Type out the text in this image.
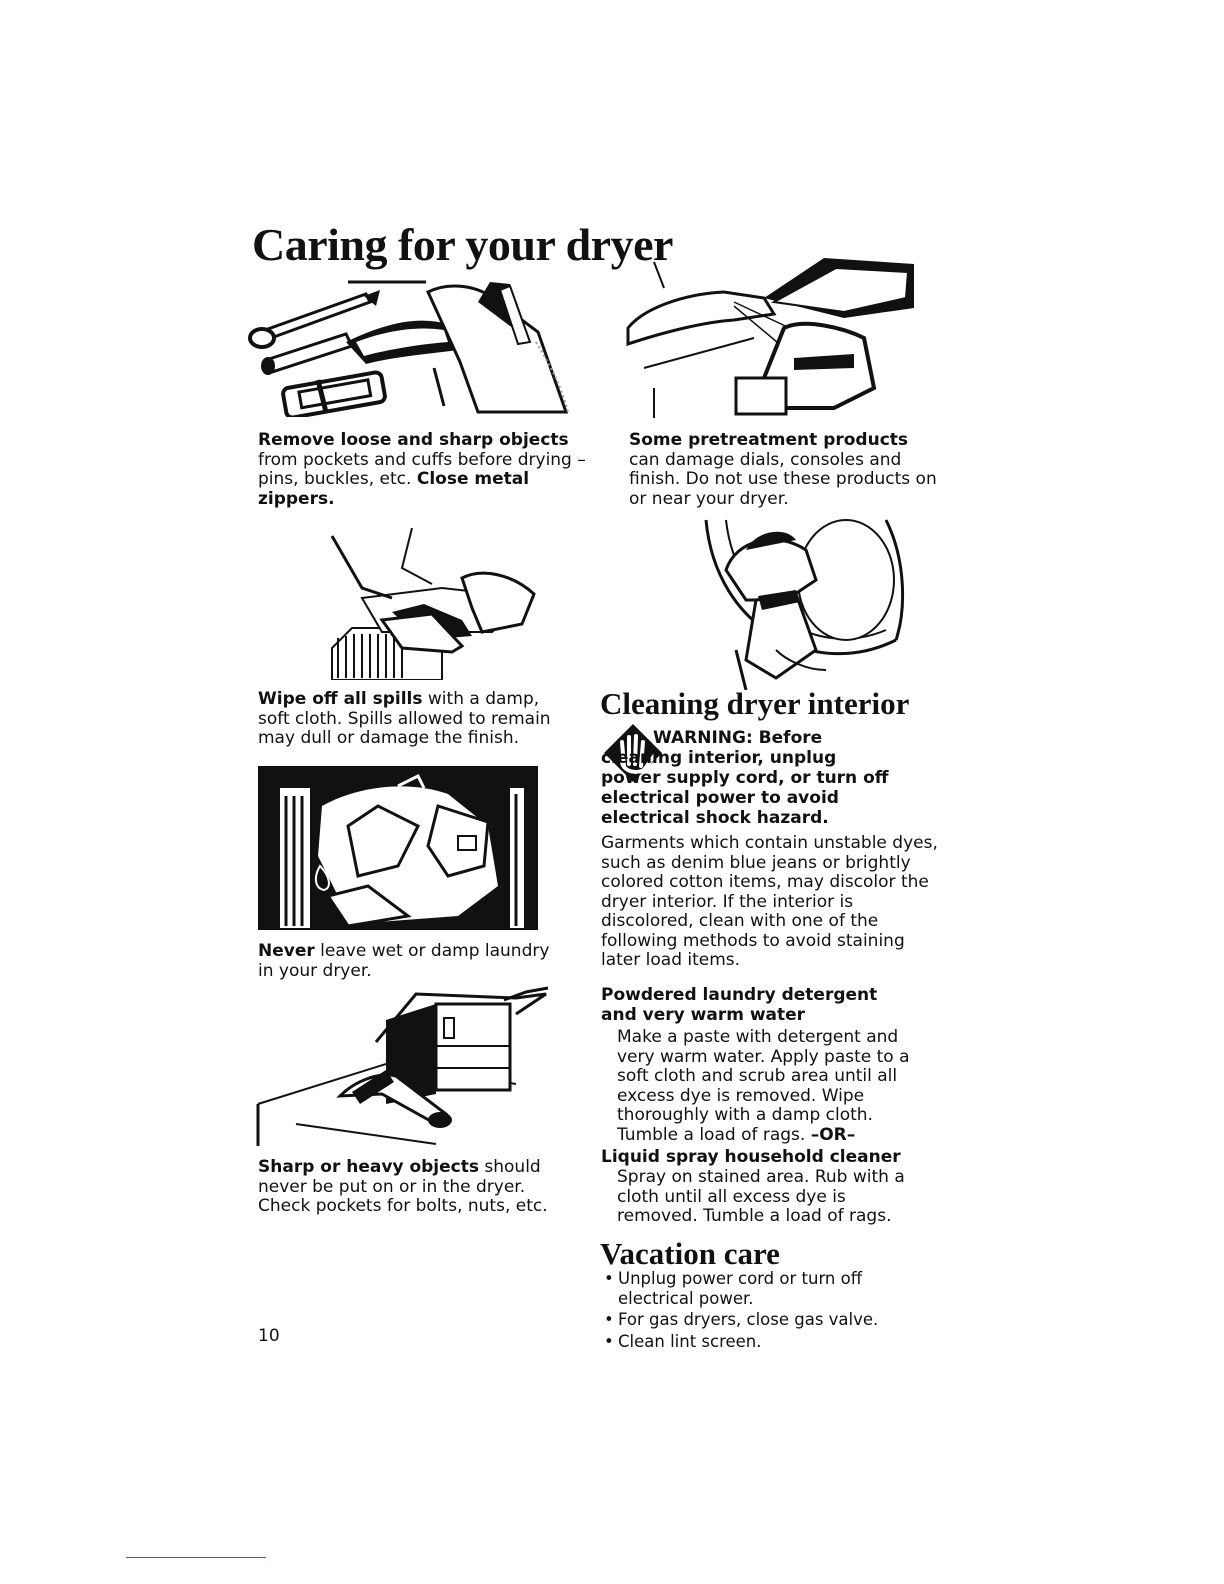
Caring for your dryer
Remove loose and sharp objects from pockets and cuffs before drying – pins, buckles, etc. Close metal zippers.
Wipe off all spills with a damp, soft cloth. Spills allowed to remain may dull or damage the finish.
Never leave wet or damp laundry in your dryer.
Sharp or heavy objects should never be put on or in the dryer. Check pockets for bolts, nuts, etc.
10
Some pretreatment products can damage dials, consoles and finish. Do not use these products on or near your dryer.
Cleaning dryer interior
WARNING: Before cleaning interior, unplug power supply cord, or turn off electrical power to avoid electrical shock hazard.
Garments which contain unstable dyes, such as denim blue jeans or brightly colored cotton items, may discolor the dryer interior. If the interior is discolored, clean with one of the following methods to avoid staining later load items.
Powdered laundry detergent and very warm water
Make a paste with detergent and very warm water. Apply paste to a soft cloth and scrub area until all excess dye is removed. Wipe thoroughly with a damp cloth. Tumble a load of rags. –OR–
Liquid spray household cleaner
Spray on stained area. Rub with a cloth until all excess dye is removed. Tumble a load of rags.
Vacation care
• Unplug power cord or turn off electrical power.
• For gas dryers, close gas valve.
• Clean lint screen.
